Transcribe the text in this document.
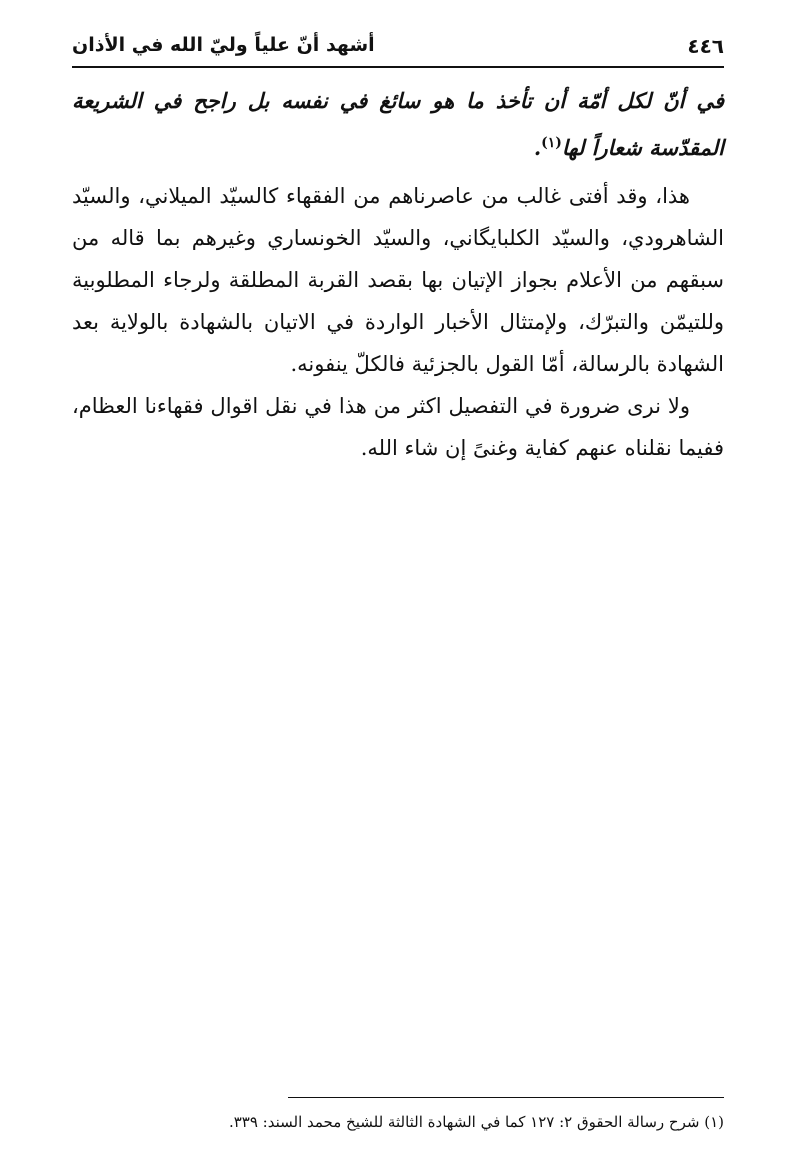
٤٤٦
أشهد أنّ علياً وليّ الله في الأذان

في أنّ لكل أمّة أن تأخذ ما هو سائغ في نفسه بل راجح في الشريعة المقدّسة شعاراً لها$^{(١)}$.

هذا، وقد أفتى غالب من عاصرناهم من الفقهاء كالسيّد الميلاني، والسيّد الشاهرودي، والسيّد الكلبايگاني، والسيّد الخونساري وغيرهم بما قاله من سبقهم من الأعلام بجواز الإتيان بها بقصد القربة المطلقة ولرجاء المطلوبية وللتيمّن والتبرّك، ولإمتثال الأخبار الواردة في الاتيان بالشهادة بالولاية بعد الشهادة بالرسالة، أمّا القول بالجزئية فالكلّ ينفونه.

ولا نرى ضرورة في التفصيل اكثر من هذا في نقل اقوال فقهاءنا العظام، ففيما نقلناه عنهم كفاية وغنىً إن شاء الله.

(١) شرح رسالة الحقوق ٢: ١٢٧ كما في الشهادة الثالثة للشيخ محمد السند: ٣٣٩.
